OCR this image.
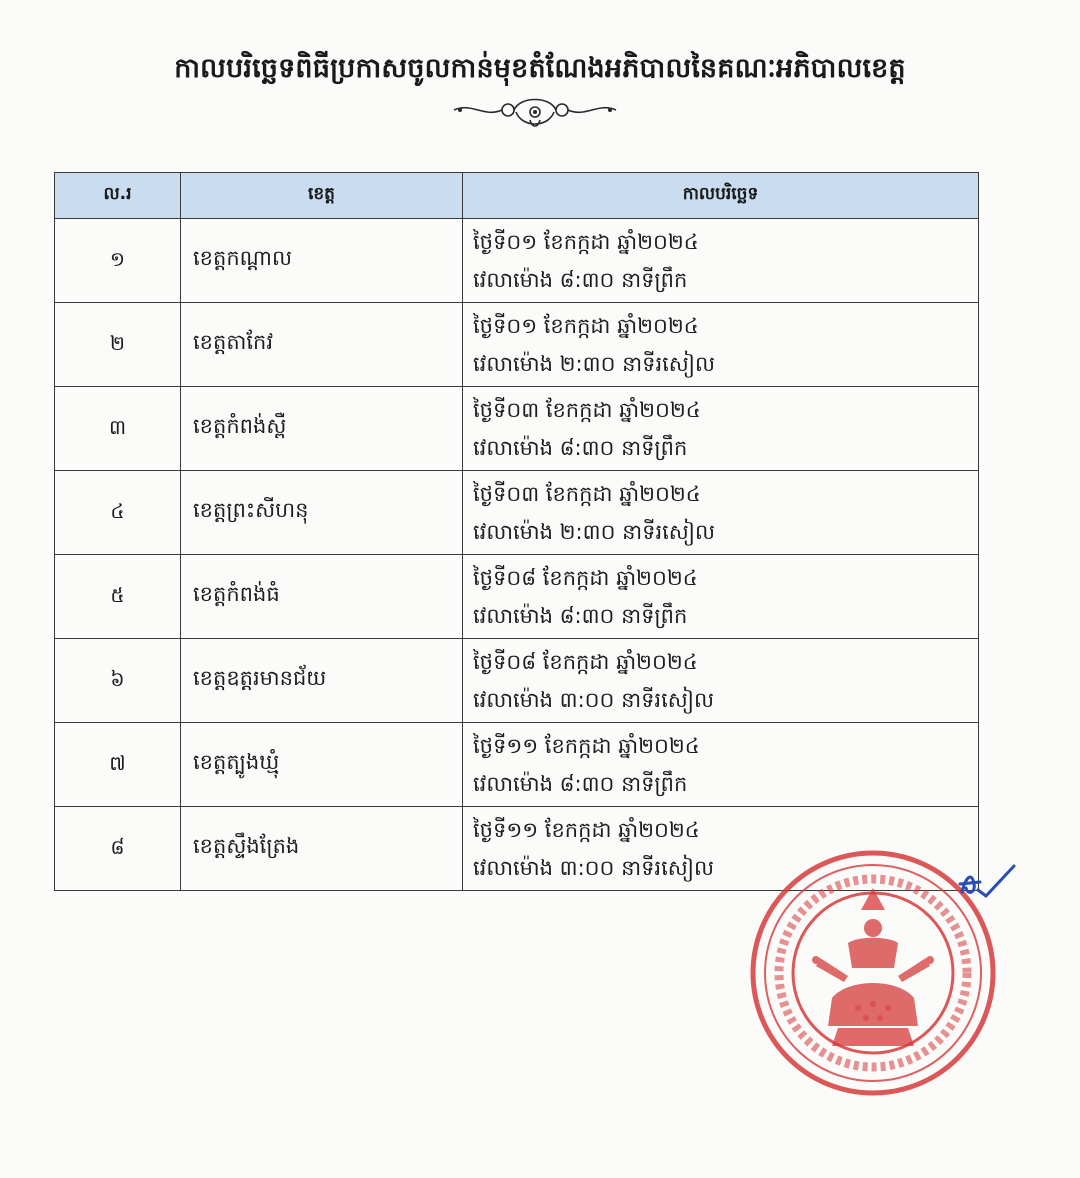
កាលបរិច្ឆេទពិធីប្រកាសចូលកាន់មុខតំណែងអភិបាលនៃគណៈអភិបាលខេត្ត
ល.រ	ខេត្ត	កាលបរិច្ឆេទ
១	ខេត្តកណ្តាល	ថ្ងៃទី០១ ខែកក្កដា ឆ្នាំ២០២៤
វេលាម៉ោង ៨:៣០ នាទីព្រឹក

២	ខេត្តតាកែវ	ថ្ងៃទី០១ ខែកក្កដា ឆ្នាំ២០២៤
វេលាម៉ោង ២:៣០ នាទីរសៀល

៣	ខេត្តកំពង់ស្ពឺ	ថ្ងៃទី០៣ ខែកក្កដា ឆ្នាំ២០២៤
វេលាម៉ោង ៨:៣០ នាទីព្រឹក

៤	ខេត្តព្រះសីហនុ	ថ្ងៃទី០៣ ខែកក្កដា ឆ្នាំ២០២៤
វេលាម៉ោង ២:៣០ នាទីរសៀល

៥	ខេត្តកំពង់ធំ	ថ្ងៃទី០៨ ខែកក្កដា ឆ្នាំ២០២៤
វេលាម៉ោង ៨:៣០ នាទីព្រឹក

៦	ខេត្តឧត្តរមានជ័យ	ថ្ងៃទី០៨ ខែកក្កដា ឆ្នាំ២០២៤
វេលាម៉ោង ៣:០០ នាទីរសៀល

៧	ខេត្តត្បូងឃ្មុំ	ថ្ងៃទី១១ ខែកក្កដា ឆ្នាំ២០២៤
វេលាម៉ោង ៨:៣០ នាទីព្រឹក

៨	ខេត្តស្ទឹងត្រែង	ថ្ងៃទី១១ ខែកក្កដា ឆ្នាំ២០២៤
វេលាម៉ោង ៣:០០ នាទីរសៀល
